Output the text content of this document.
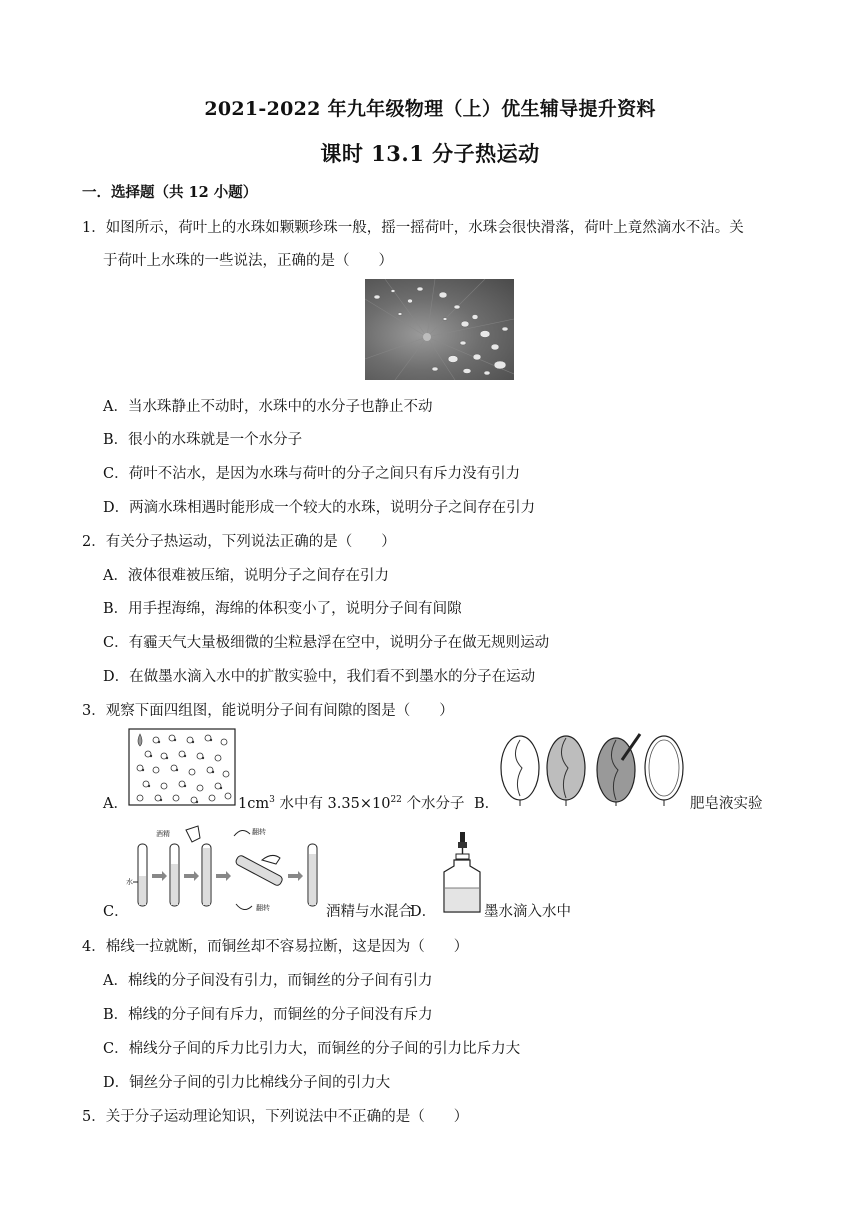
2021-2022 年九年级物理（上）优生辅导提升资料
课时 13.1 分子热运动
一．选择题（共 12 小题）
1．如图所示，荷叶上的水珠如颗颗珍珠一般，摇一摇荷叶，水珠会很快滑落，荷叶上竟然滴水不沾。关
于荷叶上水珠的一些说法，正确的是（　　）
A．当水珠静止不动时，水珠中的水分子也静止不动
B．很小的水珠就是一个水分子
C．荷叶不沾水，是因为水珠与荷叶的分子之间只有斥力没有引力
D．两滴水珠相遇时能形成一个较大的水珠，说明分子之间存在引力
2．有关分子热运动，下列说法正确的是（　　）
A．液体很难被压缩，说明分子之间存在引力
B．用手捏海绵，海绵的体积变小了，说明分子间有间隙
C．有霾天气大量极细微的尘粒悬浮在空中，说明分子在做无规则运动
D．在做墨水滴入水中的扩散实验中，我们看不到墨水的分子在运动
3．观察下面四组图，能说明分子间有间隙的图是（　　）
A．	$1cm^3$ 水中有 $3.35\times 10^{22}$ 个水分子 B．	肥皂液实验
C．
酒精
水
翻转
翻转	酒精与水混合
D．	墨水滴入水中
4．棉线一拉就断，而铜丝却不容易拉断，这是因为（　　）
A．棉线的分子间没有引力，而铜丝的分子间有引力
B．棉线的分子间有斥力，而铜丝的分子间没有斥力
C．棉线分子间的斥力比引力大，而铜丝的分子间的引力比斥力大
D．铜丝分子间的引力比棉线分子间的引力大
5．关于分子运动理论知识，下列说法中不正确的是（　　）
